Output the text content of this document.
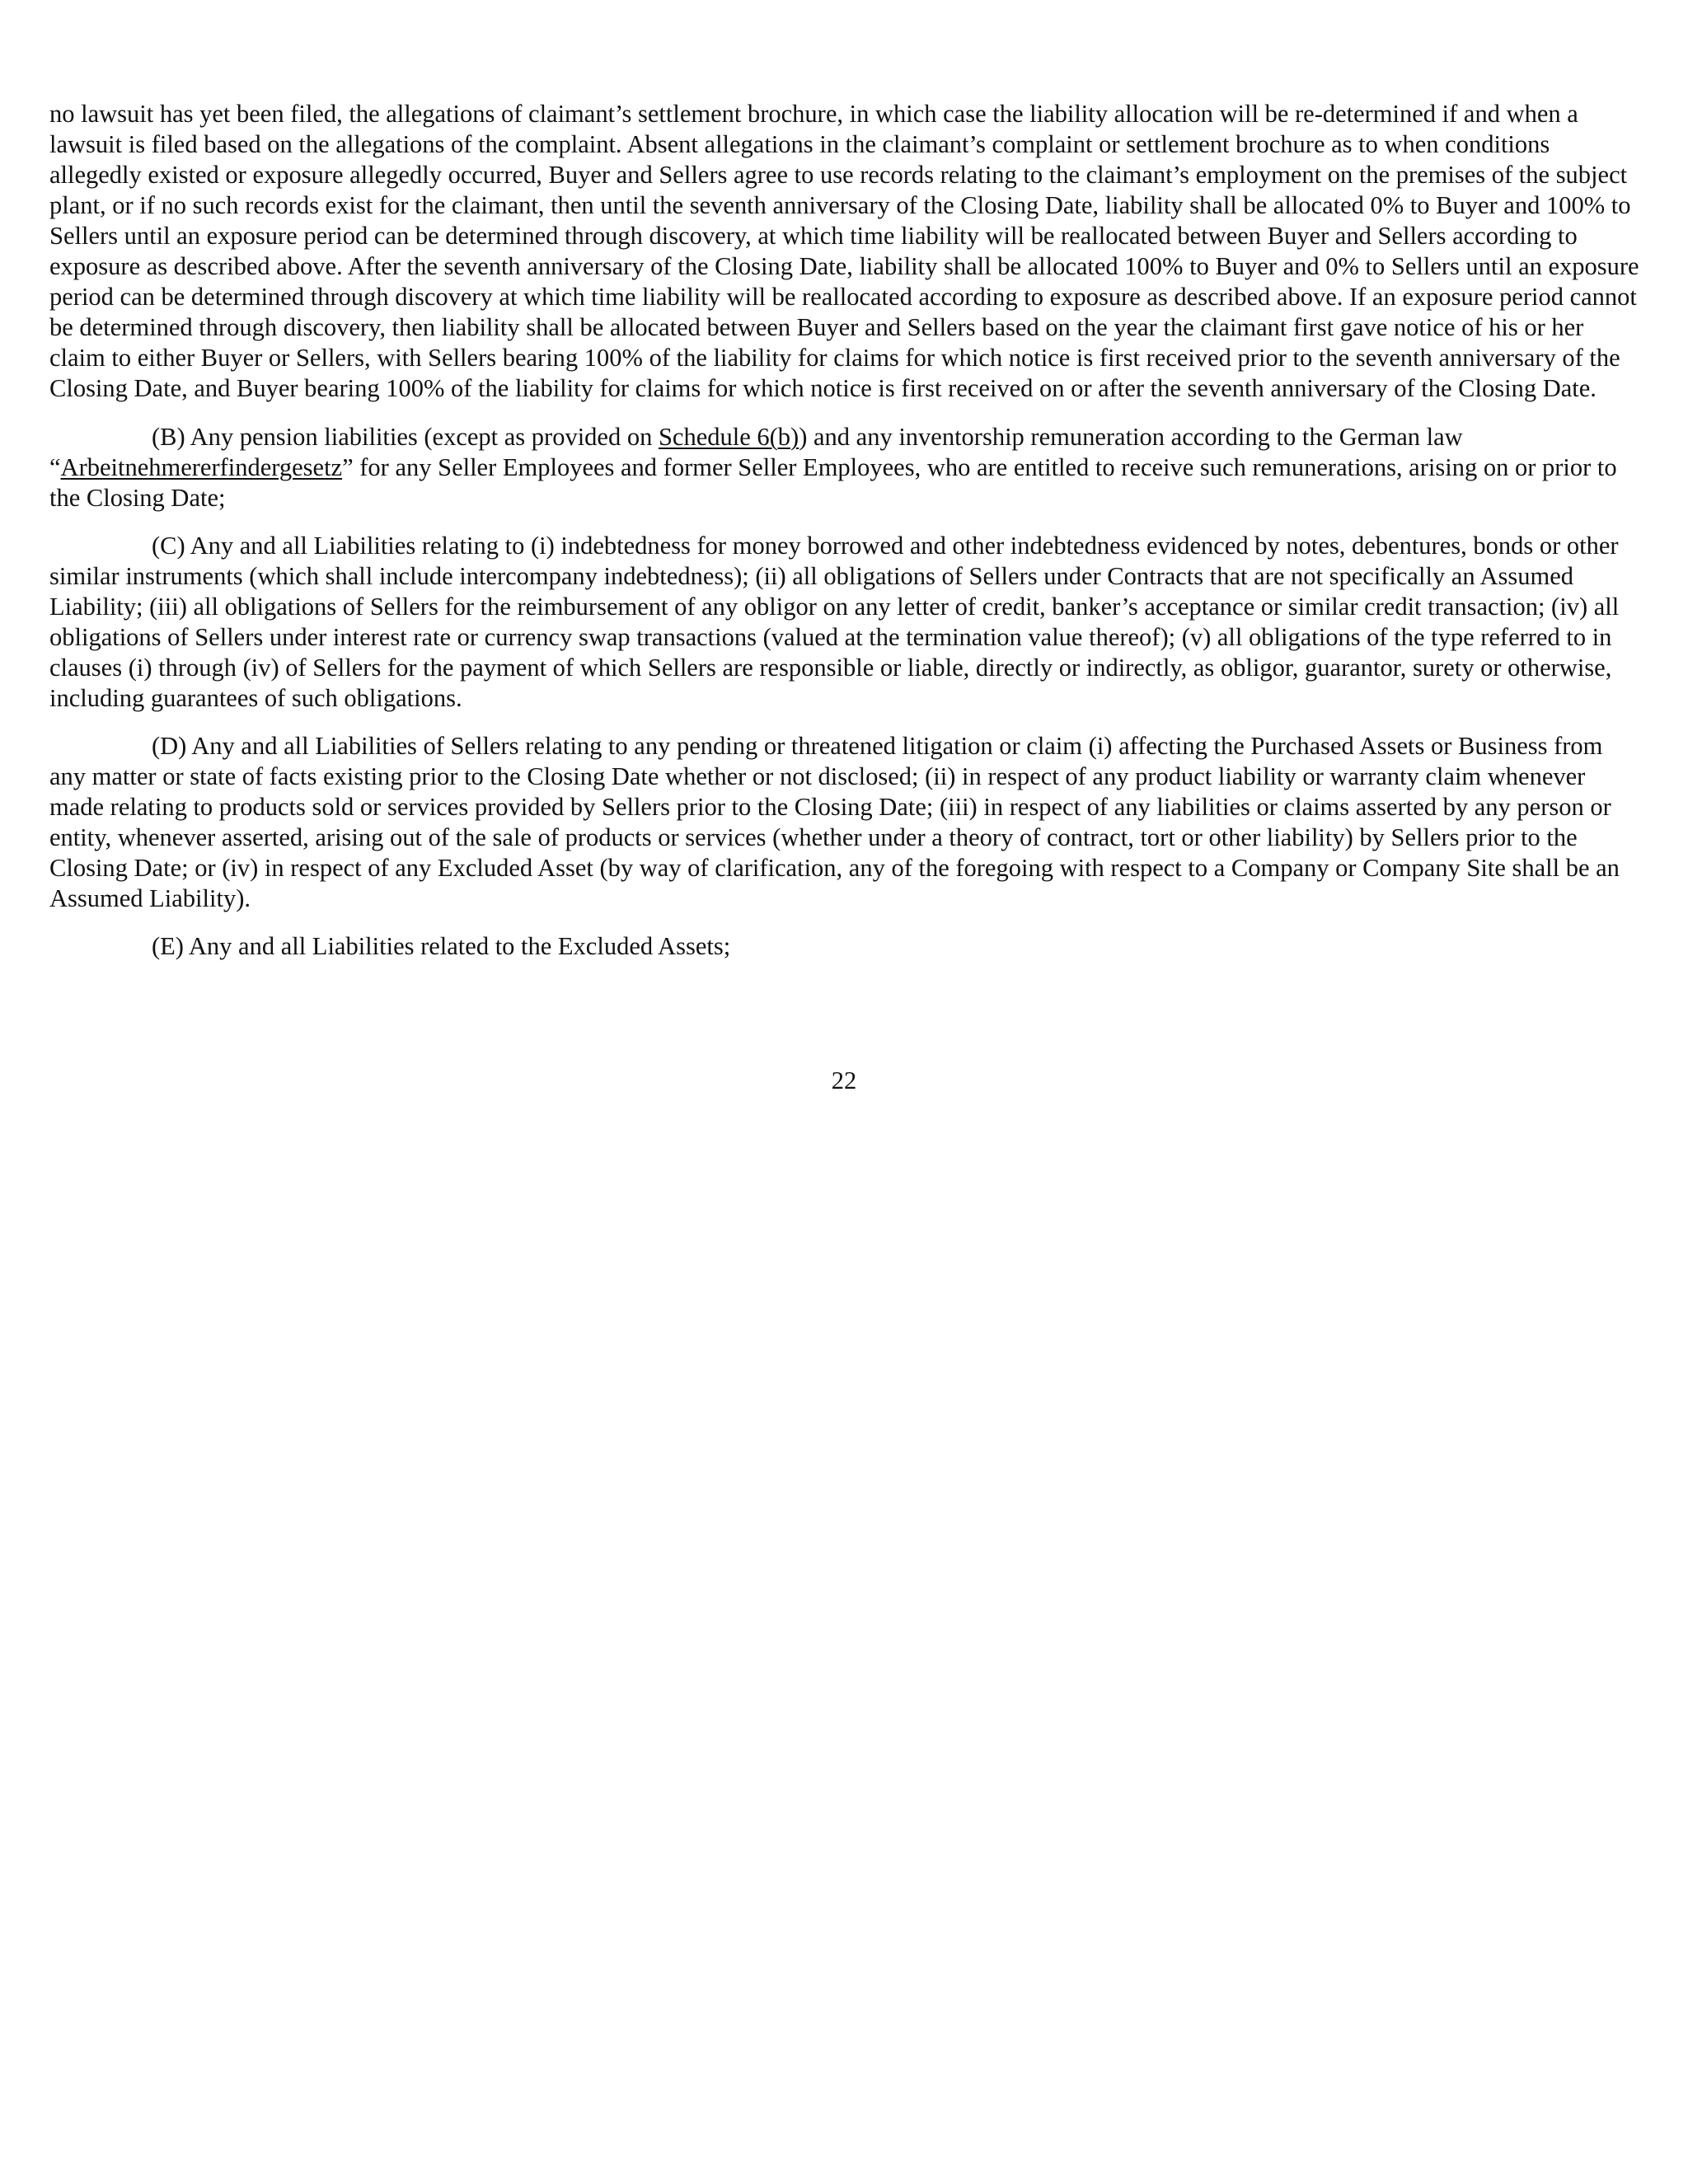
no lawsuit has yet been filed, the allegations of claimant’s settlement brochure, in which case the liability allocation will be re-determined if and when a lawsuit is filed based on the allegations of the complaint. Absent allegations in the claimant’s complaint or settlement brochure as to when conditions allegedly existed or exposure allegedly occurred, Buyer and Sellers agree to use records relating to the claimant’s employment on the premises of the subject plant, or if no such records exist for the claimant, then until the seventh anniversary of the Closing Date, liability shall be allocated 0% to Buyer and 100% to Sellers until an exposure period can be determined through discovery, at which time liability will be reallocated between Buyer and Sellers according to exposure as described above. After the seventh anniversary of the Closing Date, liability shall be allocated 100% to Buyer and 0% to Sellers until an exposure period can be determined through discovery at which time liability will be reallocated according to exposure as described above. If an exposure period cannot be determined through discovery, then liability shall be allocated between Buyer and Sellers based on the year the claimant first gave notice of his or her claim to either Buyer or Sellers, with Sellers bearing 100% of the liability for claims for which notice is first received prior to the seventh anniversary of the Closing Date, and Buyer bearing 100% of the liability for claims for which notice is first received on or after the seventh anniversary of the Closing Date.

(B) Any pension liabilities (except as provided on Schedule 6(b)) and any inventorship remuneration according to the German law “Arbeitnehmererfindergesetz” for any Seller Employees and former Seller Employees, who are entitled to receive such remunerations, arising on or prior to the Closing Date;

(C) Any and all Liabilities relating to (i) indebtedness for money borrowed and other indebtedness evidenced by notes, debentures, bonds or other similar instruments (which shall include intercompany indebtedness); (ii) all obligations of Sellers under Contracts that are not specifically an Assumed Liability; (iii) all obligations of Sellers for the reimbursement of any obligor on any letter of credit, banker’s acceptance or similar credit transaction; (iv) all obligations of Sellers under interest rate or currency swap transactions (valued at the termination value thereof); (v) all obligations of the type referred to in clauses (i) through (iv) of Sellers for the payment of which Sellers are responsible or liable, directly or indirectly, as obligor, guarantor, surety or otherwise, including guarantees of such obligations.

(D) Any and all Liabilities of Sellers relating to any pending or threatened litigation or claim (i) affecting the Purchased Assets or Business from any matter or state of facts existing prior to the Closing Date whether or not disclosed; (ii) in respect of any product liability or warranty claim whenever made relating to products sold or services provided by Sellers prior to the Closing Date; (iii) in respect of any liabilities or claims asserted by any person or entity, whenever asserted, arising out of the sale of products or services (whether under a theory of contract, tort or other liability) by Sellers prior to the Closing Date; or (iv) in respect of any Excluded Asset (by way of clarification, any of the foregoing with respect to a Company or Company Site shall be an Assumed Liability).

(E) Any and all Liabilities related to the Excluded Assets;

22
